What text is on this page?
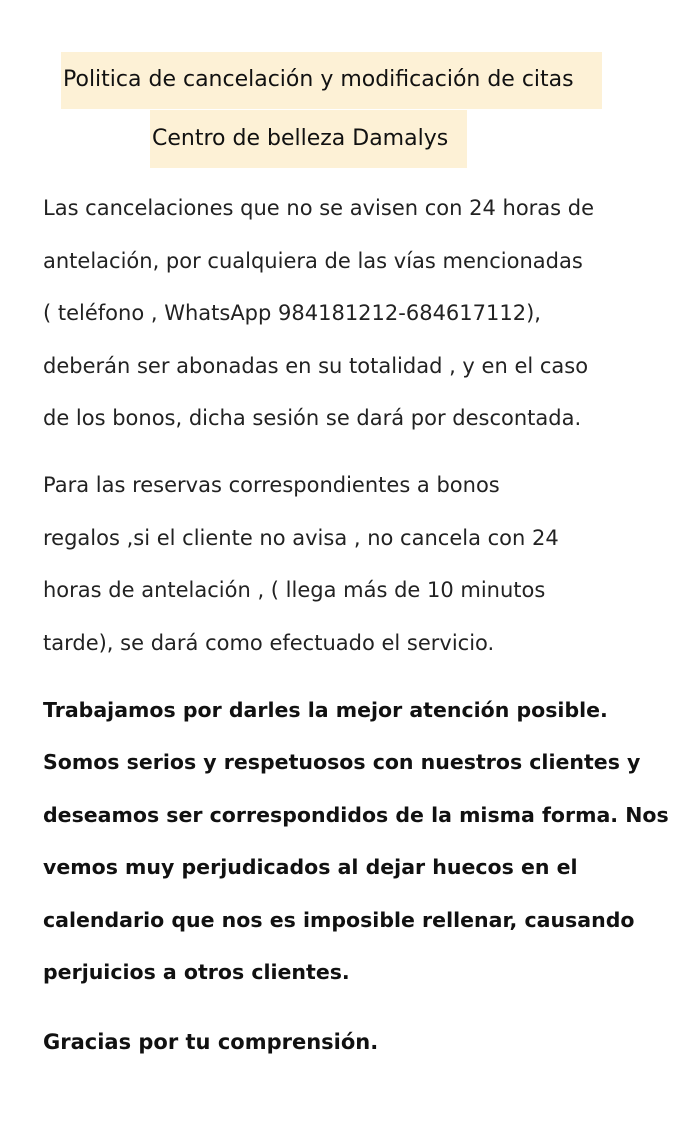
Politica de cancelación y modificación de citas
Centro de belleza Damalys
Las cancelaciones que no se avisen con 24 horas de
antelación, por cualquiera de las vías mencionadas
( teléfono , WhatsApp 984181212-684617112),
deberán ser abonadas en su totalidad , y en el caso
de los bonos, dicha sesión se dará por descontada.
Para las reservas correspondientes a bonos
regalos ,si el cliente no avisa , no cancela con 24
horas de antelación , ( llega más de 10 minutos
tarde), se dará como efectuado el servicio.
Trabajamos por darles la mejor atención posible.
Somos serios y respetuosos con nuestros clientes y
deseamos ser correspondidos de la misma forma. Nos
vemos muy perjudicados al dejar huecos en el
calendario que nos es imposible rellenar, causando
perjuicios a otros clientes.
Gracias por tu comprensión.
